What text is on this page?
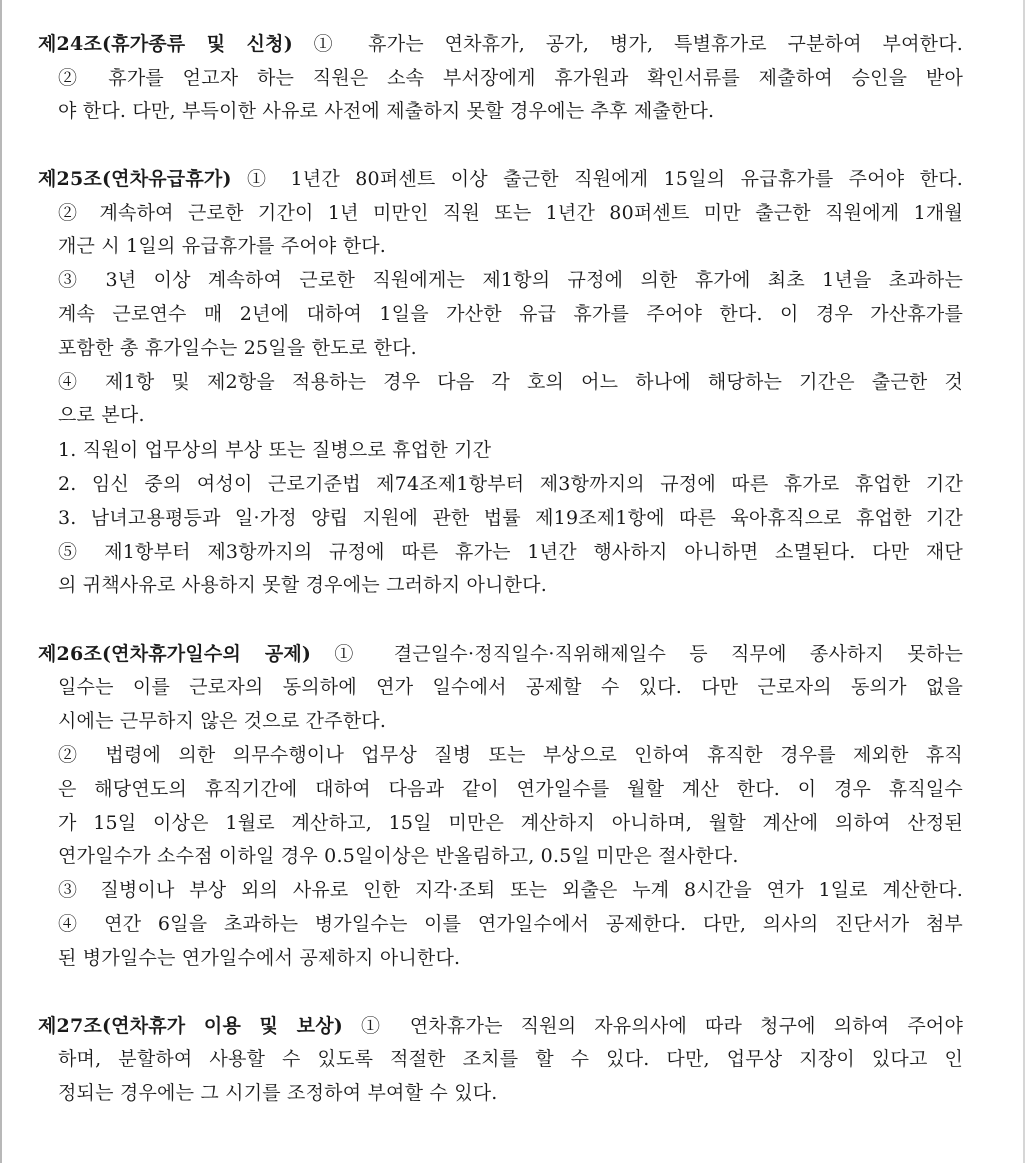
제24조(휴가종류 및 신청) ① 휴가는 연차휴가, 공가, 병가, 특별휴가로 구분하여 부여한다.
② 휴가를 얻고자 하는 직원은 소속 부서장에게 휴가원과 확인서류를 제출하여 승인을 받아
야 한다. 다만, 부득이한 사유로 사전에 제출하지 못할 경우에는 추후 제출한다.
제25조(연차유급휴가) ① 1년간 80퍼센트 이상 출근한 직원에게 15일의 유급휴가를 주어야 한다.
② 계속하여 근로한 기간이 1년 미만인 직원 또는 1년간 80퍼센트 미만 출근한 직원에게 1개월
개근 시 1일의 유급휴가를 주어야 한다.
③ 3년 이상 계속하여 근로한 직원에게는 제1항의 규정에 의한 휴가에 최초 1년을 초과하는
계속 근로연수 매 2년에 대하여 1일을 가산한 유급 휴가를 주어야 한다. 이 경우 가산휴가를
포함한 총 휴가일수는 25일을 한도로 한다.
④ 제1항 및 제2항을 적용하는 경우 다음 각 호의 어느 하나에 해당하는 기간은 출근한 것
으로 본다.
1. 직원이 업무상의 부상 또는 질병으로 휴업한 기간
2. 임신 중의 여성이 근로기준법 제74조제1항부터 제3항까지의 규정에 따른 휴가로 휴업한 기간
3. 남녀고용평등과 일·가정 양립 지원에 관한 법률 제19조제1항에 따른 육아휴직으로 휴업한 기간
⑤ 제1항부터 제3항까지의 규정에 따른 휴가는 1년간 행사하지 아니하면 소멸된다. 다만 재단
의 귀책사유로 사용하지 못할 경우에는 그러하지 아니한다.
제26조(연차휴가일수의 공제) ① 결근일수·정직일수·직위해제일수 등 직무에 종사하지 못하는
일수는 이를 근로자의 동의하에 연가 일수에서 공제할 수 있다. 다만 근로자의 동의가 없을
시에는 근무하지 않은 것으로 간주한다.
② 법령에 의한 의무수행이나 업무상 질병 또는 부상으로 인하여 휴직한 경우를 제외한 휴직
은 해당연도의 휴직기간에 대하여 다음과 같이 연가일수를 월할 계산 한다. 이 경우 휴직일수
가 15일 이상은 1월로 계산하고, 15일 미만은 계산하지 아니하며, 월할 계산에 의하여 산정된
연가일수가 소수점 이하일 경우 0.5일이상은 반올림하고, 0.5일 미만은 절사한다.
③ 질병이나 부상 외의 사유로 인한 지각·조퇴 또는 외출은 누계 8시간을 연가 1일로 계산한다.
④ 연간 6일을 초과하는 병가일수는 이를 연가일수에서 공제한다. 다만, 의사의 진단서가 첨부
된 병가일수는 연가일수에서 공제하지 아니한다.
제27조(연차휴가 이용 및 보상) ① 연차휴가는 직원의 자유의사에 따라 청구에 의하여 주어야
하며, 분할하여 사용할 수 있도록 적절한 조치를 할 수 있다. 다만, 업무상 지장이 있다고 인
정되는 경우에는 그 시기를 조정하여 부여할 수 있다.
